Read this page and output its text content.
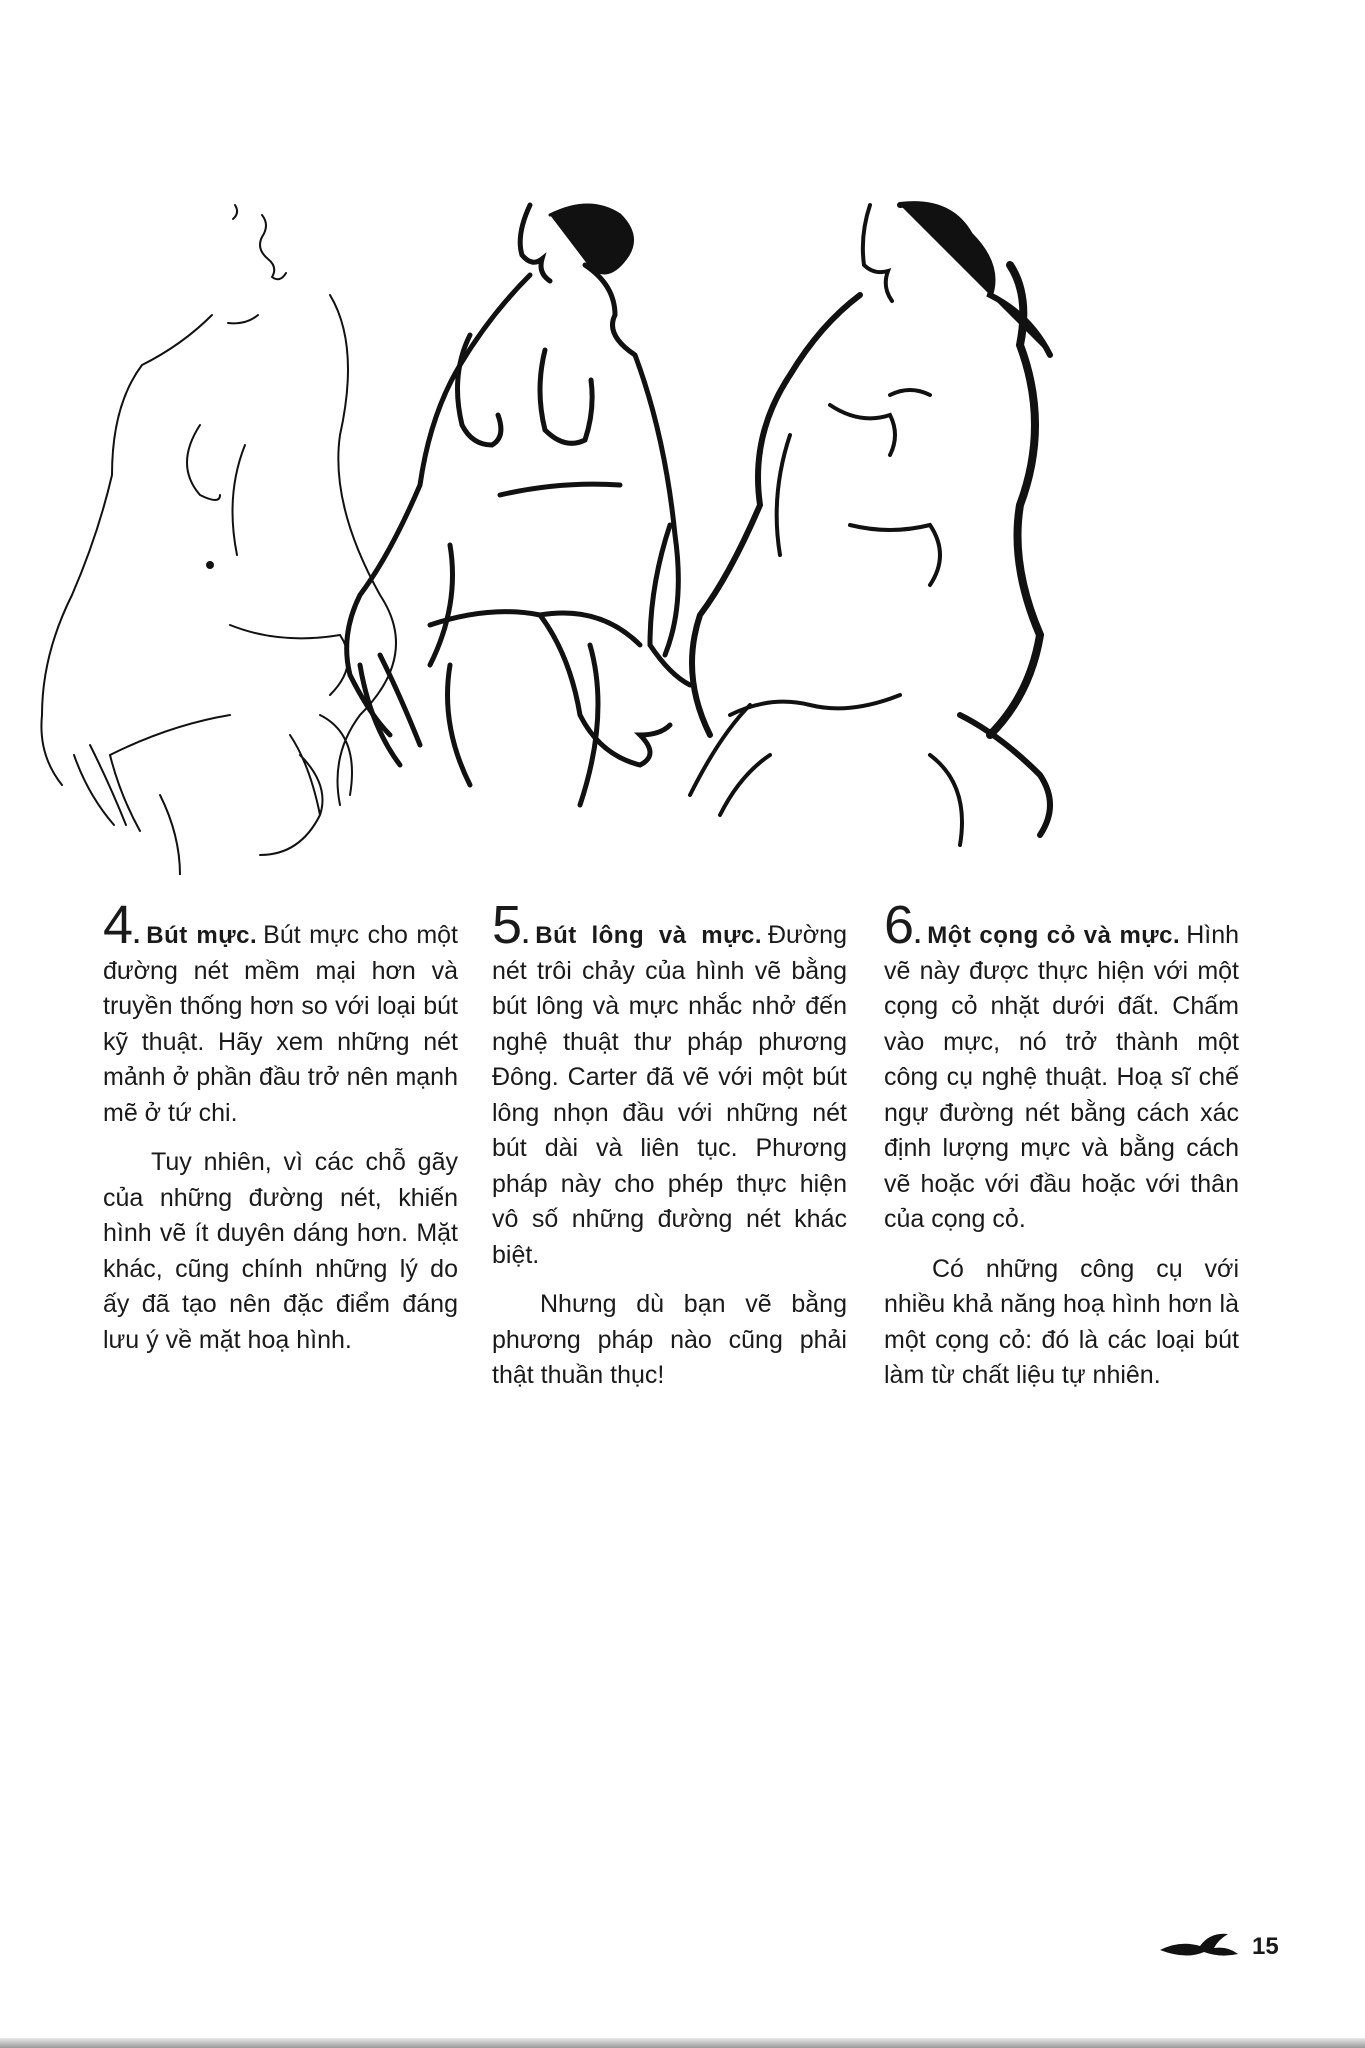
4. Bút mực. Bút mực cho một đường nét mềm mại hơn và truyền thống hơn so với loại bút kỹ thuật. Hãy xem những nét mảnh ở phần đầu trở nên mạnh mẽ ở tứ chi.

Tuy nhiên, vì các chỗ gãy của những đường nét, khiến hình vẽ ít duyên dáng hơn. Mặt khác, cũng chính những lý do ấy đã tạo nên đặc điểm đáng lưu ý về mặt hoạ hình.

5. Bút lông và mực. Đường nét trôi chảy của hình vẽ bằng bút lông và mực nhắc nhở đến nghệ thuật thư pháp phương Đông. Carter đã vẽ với một bút lông nhọn đầu với những nét bút dài và liên tục. Phương pháp này cho phép thực hiện vô số những đường nét khác biệt.

Nhưng dù bạn vẽ bằng phương pháp nào cũng phải thật thuần thục!

6. Một cọng cỏ và mực. Hình vẽ này được thực hiện với một cọng cỏ nhặt dưới đất. Chấm vào mực, nó trở thành một công cụ nghệ thuật. Hoạ sĩ chế ngự đường nét bằng cách xác định lượng mực và bằng cách vẽ hoặc với đầu hoặc với thân của cọng cỏ.

Có những công cụ với nhiều khả năng hoạ hình hơn là một cọng cỏ: đó là các loại bút làm từ chất liệu tự nhiên.

15
